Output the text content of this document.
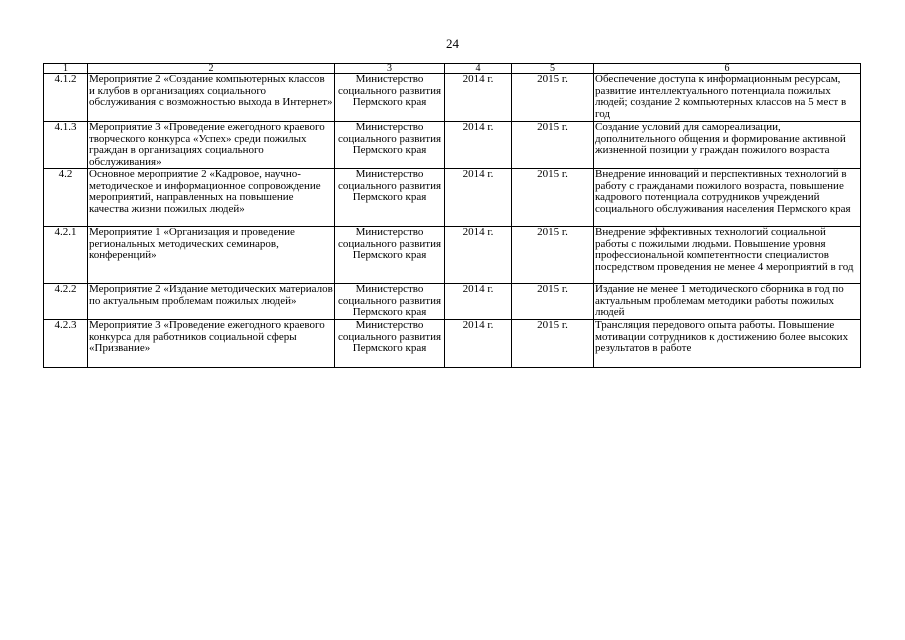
24
1	2	3	4	5	6
4.1.2	Мероприятие 2 «Создание компьютерных классов и клубов в организациях социального обслуживания с возможностью выхода в Интернет»	Министерство социального развития Пермского края	2014 г.	2015 г.	Обеспечение доступа к информационным ресурсам, развитие интеллектуального потенциала пожилых людей; создание 2 компьютерных классов на 5 мест в год
4.1.3	Мероприятие 3 «Проведение ежегодного краевого творческого конкурса «Успех» среди пожилых граждан в организациях социального обслуживания»	Министерство социального развития Пермского края	2014 г.	2015 г.	Создание условий для самореализации, дополнительного общения и формирование активной жизненной позиции у граждан пожилого возраста
4.2	Основное мероприятие 2 «Кадровое, научно-методическое и информационное сопровождение мероприятий, направленных на повышение качества жизни пожилых людей»	Министерство социального развития Пермского края	2014 г.	2015 г.	Внедрение инноваций и перспективных технологий в работу с гражданами пожилого возраста, повышение кадрового потенциала сотрудников учреждений социального обслуживания населения Пермского края
4.2.1	Мероприятие 1 «Организация и проведение региональных методических семинаров, конференций»	Министерство социального развития Пермского края	2014 г.	2015 г.	Внедрение эффективных технологий социальной работы с пожилыми людьми. Повышение уровня профессиональной компетентности специалистов посредством проведения не менее 4 мероприятий в год
4.2.2	Мероприятие 2 «Издание методических материалов по актуальным проблемам пожилых людей»	Министерство социального развития Пермского края	2014 г.	2015 г.	Издание не менее 1 методического сборника в год по актуальным проблемам методики работы пожилых людей
4.2.3	Мероприятие 3 «Проведение ежегодного краевого конкурса для работников социальной сферы «Призвание»	Министерство социального развития Пермского края	2014 г.	2015 г.	Трансляция передового опыта работы. Повышение мотивации сотрудников к достижению более высоких результатов в работе
